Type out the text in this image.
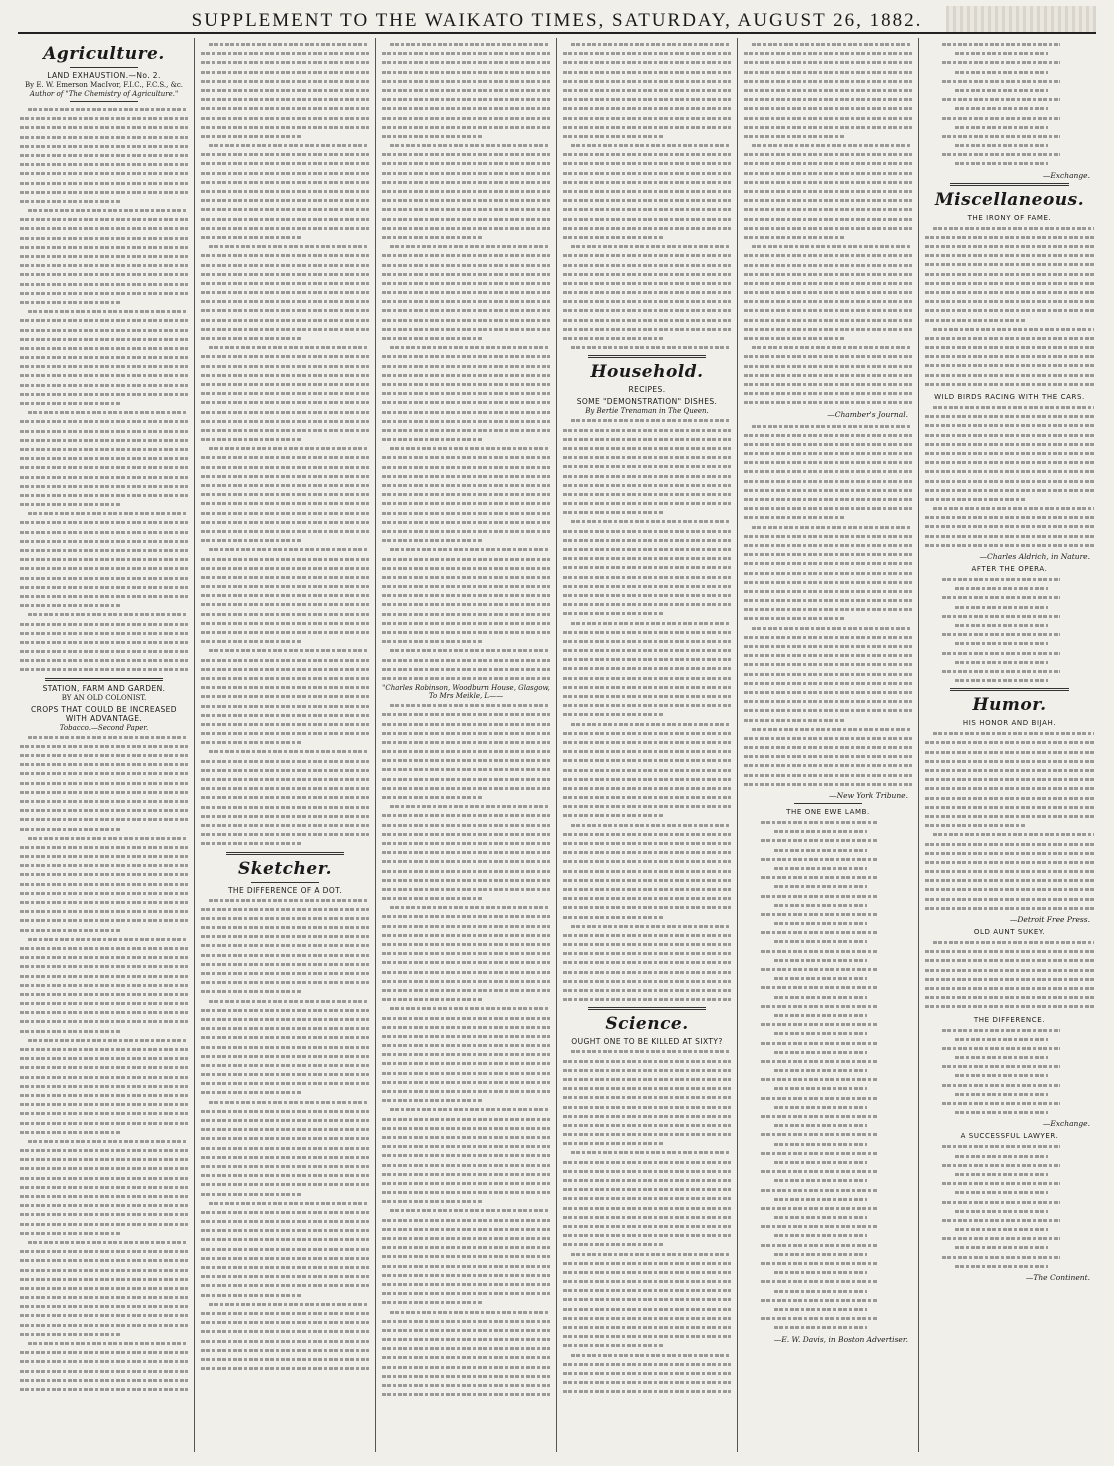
SUPPLEMENT TO THE WAIKATO TIMES, SATURDAY, AUGUST 26, 1882.
Agriculture.
LAND EXHAUSTION.—No. 2.
By E. W. Emerson MacIvor, F.I.C., F.C.S., &c.
Author of "The Chemistry of Agriculture."
STATION, FARM AND GARDEN.
BY AN OLD COLONIST.
CROPS THAT COULD BE INCREASED WITH ADVANTAGE.
Tobacco.—Second Paper.
Sketcher.
THE DIFFERENCE OF A DOT.
"Charles Robinson, Woodburn House, Glasgow, To Mrs Meikle, L——
Household.
RECIPES.
SOME "DEMONSTRATION" DISHES.
By Bertie Trenaman in The Queen.
Science.
OUGHT ONE TO BE KILLED AT SIXTY?
—Chamber's Journal.
—New York Tribune.
THE ONE EWE LAMB.
—E. W. Davis, in Boston Advertiser.
—Exchange.
Miscellaneous.
THE IRONY OF FAME.
WILD BIRDS RACING WITH THE CARS.
—Charles Aldrich, in Nature.
AFTER THE OPERA.
Humor.
HIS HONOR AND BIJAH.
—Detroit Free Press.
OLD AUNT SUKEY.
THE DIFFERENCE.
—Exchange.
A SUCCESSFUL LAWYER.
—The Continent.
